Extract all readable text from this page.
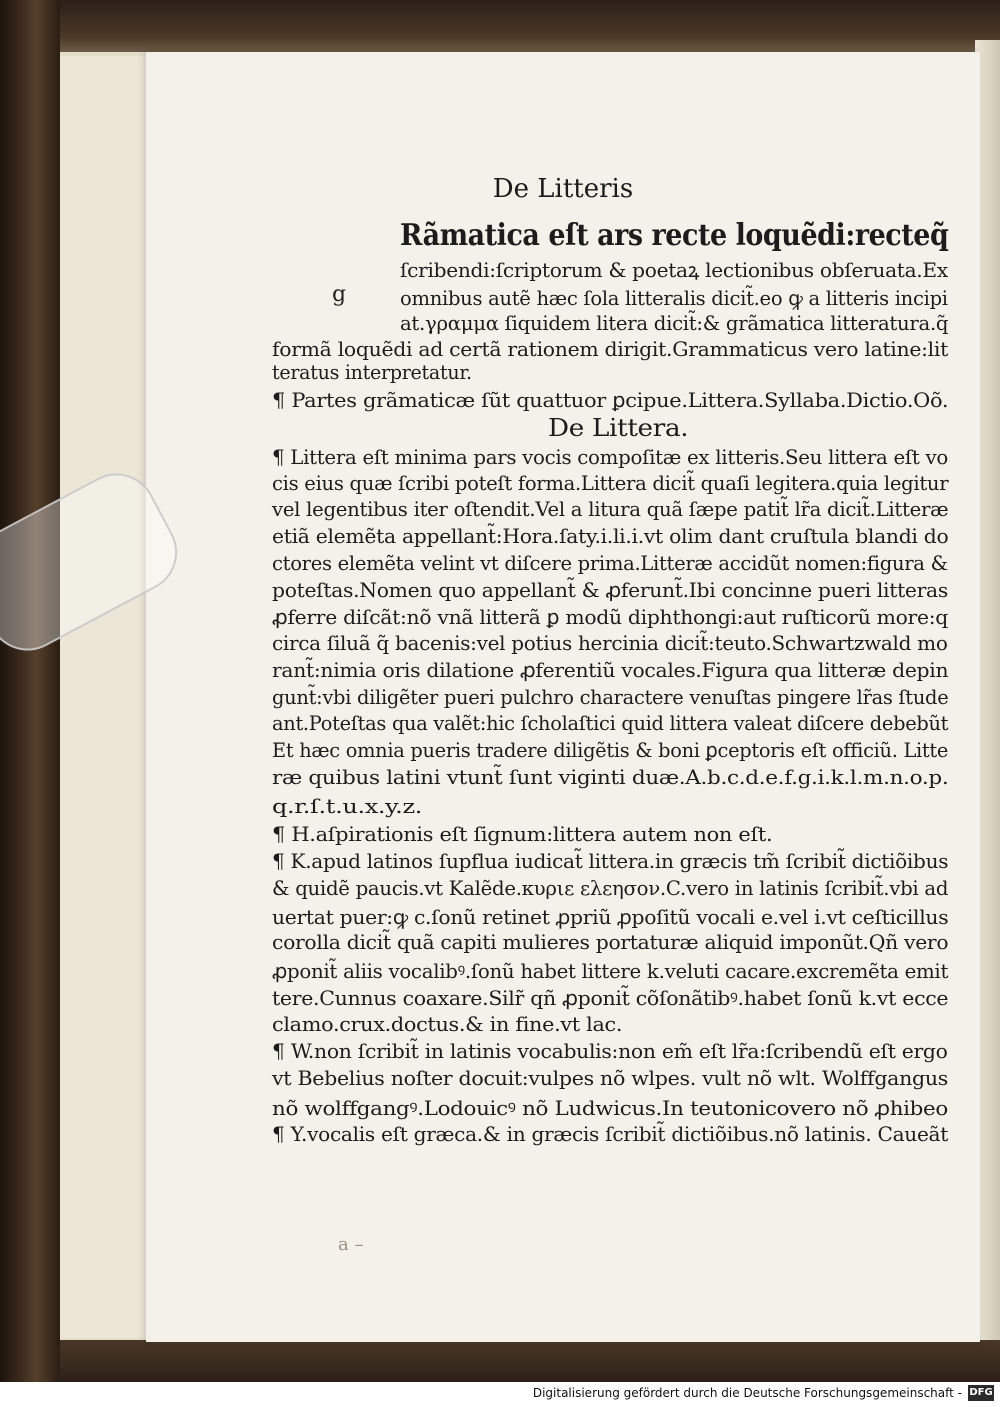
De Litteris
g
Rãmatica eſt ars recte loquẽdi:recteq̃
ſcribendi:ſcriptorum & poetaꝝ lectionibus obſeruata.Ex
omnibus autẽ hæc ſola litteralis dicit̃.eo ꝙ a litteris incipi
at.γραμμα ſiquidem litera dicit̃:& grãmatica litteratura.q̃
formã loquẽdi ad certã rationem dirigit.Grammaticus vero latine:lit
teratus interpretatur.
¶ Partes grãmaticæ ſũt quattuor ꝑcipue.Littera.Syllaba.Dictio.Oõ.
De Littera.
¶ Littera eſt minima pars vocis compoſitæ ex litteris.Seu littera eſt vo
cis eius quæ ſcribi poteſt forma.Littera dicit̃ quaſi legitera.quia legitur
vel legentibus iter oſtendit.Vel a litura quã ſæpe patit̃ lr̃a dicit̃.Litteræ
etiã elemẽta appellant̃:Hora.ſaty.i.li.i.vt olim dant cruſtula blandi do
ctores elemẽta velint vt diſcere prima.Litteræ accidũt nomen:figura &
poteſtas.Nomen quo appellant̃ & ꝓferunt̃.Ibi concinne pueri litteras
ꝓferre diſcãt:nõ vnã litterã ꝑ modũ diphthongi:aut ruſticorũ more:q
circa ſiluã q̃ bacenis:vel potius hercinia dicit̃:teuto.Schwartzwald mo
rant̃:nimia oris dilatione ꝓferentiũ vocales.Figura qua litteræ depin
gunt̃:vbi diligẽter pueri pulchro charactere venuſtas pingere lr̃as ſtude
ant.Poteſtas qua valẽt:hic ſcholaſtici quid littera valeat diſcere debebũt
Et hæc omnia pueris tradere diligẽtis & boni ꝑceptoris eſt officiũ. Litte
ræ quibus latini vtunt̃ ſunt viginti duæ.A.b.c.d.e.f.g.i.k.l.m.n.o.p.
q.r.ſ.t.u.x.y.z.
¶ H.aſpirationis eſt ſignum:littera autem non eſt.
¶ K.apud latinos ſupflua iudicat̃ littera.in græcis tm̃ ſcribit̃ dictiõibus
& quidẽ paucis.vt Kalẽde.κυριε ελεησον.C.vero in latinis ſcribit̃.vbi ad
uertat puer:ꝙ c.ſonũ retinet ꝓpriũ ꝓpoſitũ vocali e.vel i.vt ceſticillus
corolla dicit̃ quã capiti mulieres portaturæ aliquid imponũt.Qñ vero
ꝓponit̃ aliis vocalibꝰ.ſonũ habet littere k.veluti cacare.excremẽta emit
tere.Cunnus coaxare.Silr̃ qñ ꝓponit̃ cõſonãtibꝰ.habet ſonũ k.vt ecce
clamo.crux.doctus.& in fine.vt lac.
¶ W.non ſcribit̃ in latinis vocabulis:non em̃ eſt lr̃a:ſcribendũ eſt ergo
vt Bebelius noſter docuit:vulpes nõ wlpes. vult nõ wlt. Wolffgangus
nõ wolffgangꝰ.Lodouicꝰ nõ Ludwicus.In teutonicovero nõ ꝓhibeo
¶ Y.vocalis eſt græca.& in græcis ſcribit̃ dictiõibus.nõ latinis. Caueãt
a –
Digitalisierung gefördert durch die Deutsche Forschungsgemeinschaft - DFG
